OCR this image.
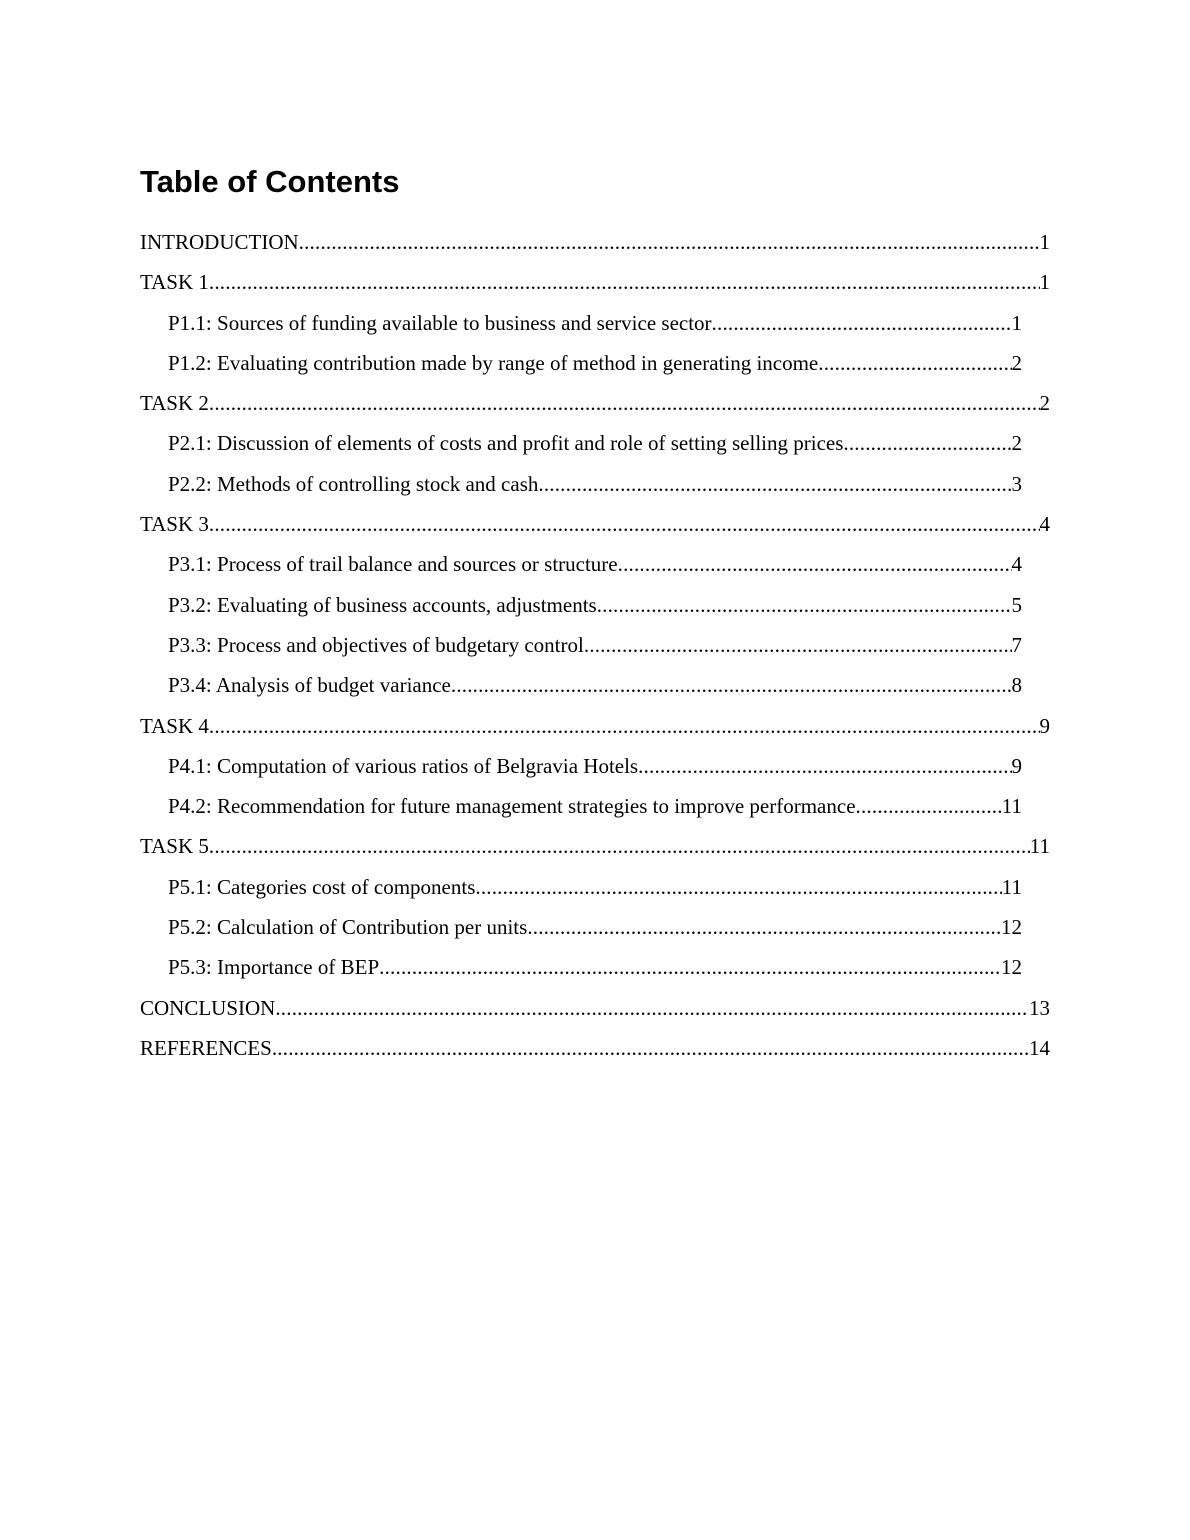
Table of Contents
INTRODUCTION .....	1
TASK 1 .....	1
P1.1: Sources of funding available to business and service sector .....	1
P1.2: Evaluating contribution made by range of method in generating income .....	2
TASK 2 .....	2
P2.1: Discussion of elements of costs and profit and role of setting selling prices .....	2
P2.2: Methods of controlling stock and cash .....	3
TASK 3 .....	4
P3.1: Process of trail balance and sources or structure .....	4
P3.2: Evaluating of business accounts, adjustments .....	5
P3.3: Process and objectives of budgetary control .....	7
P3.4: Analysis of budget variance .....	8
TASK 4 .....	9
P4.1: Computation of various ratios of Belgravia Hotels .....	9
P4.2: Recommendation for future management strategies to improve performance .....	11
TASK 5 .....	11
P5.1: Categories cost of components .....	11
P5.2: Calculation of Contribution per units .....	12
P5.3: Importance of BEP .....	12
CONCLUSION .....	13
REFERENCES .....	14
